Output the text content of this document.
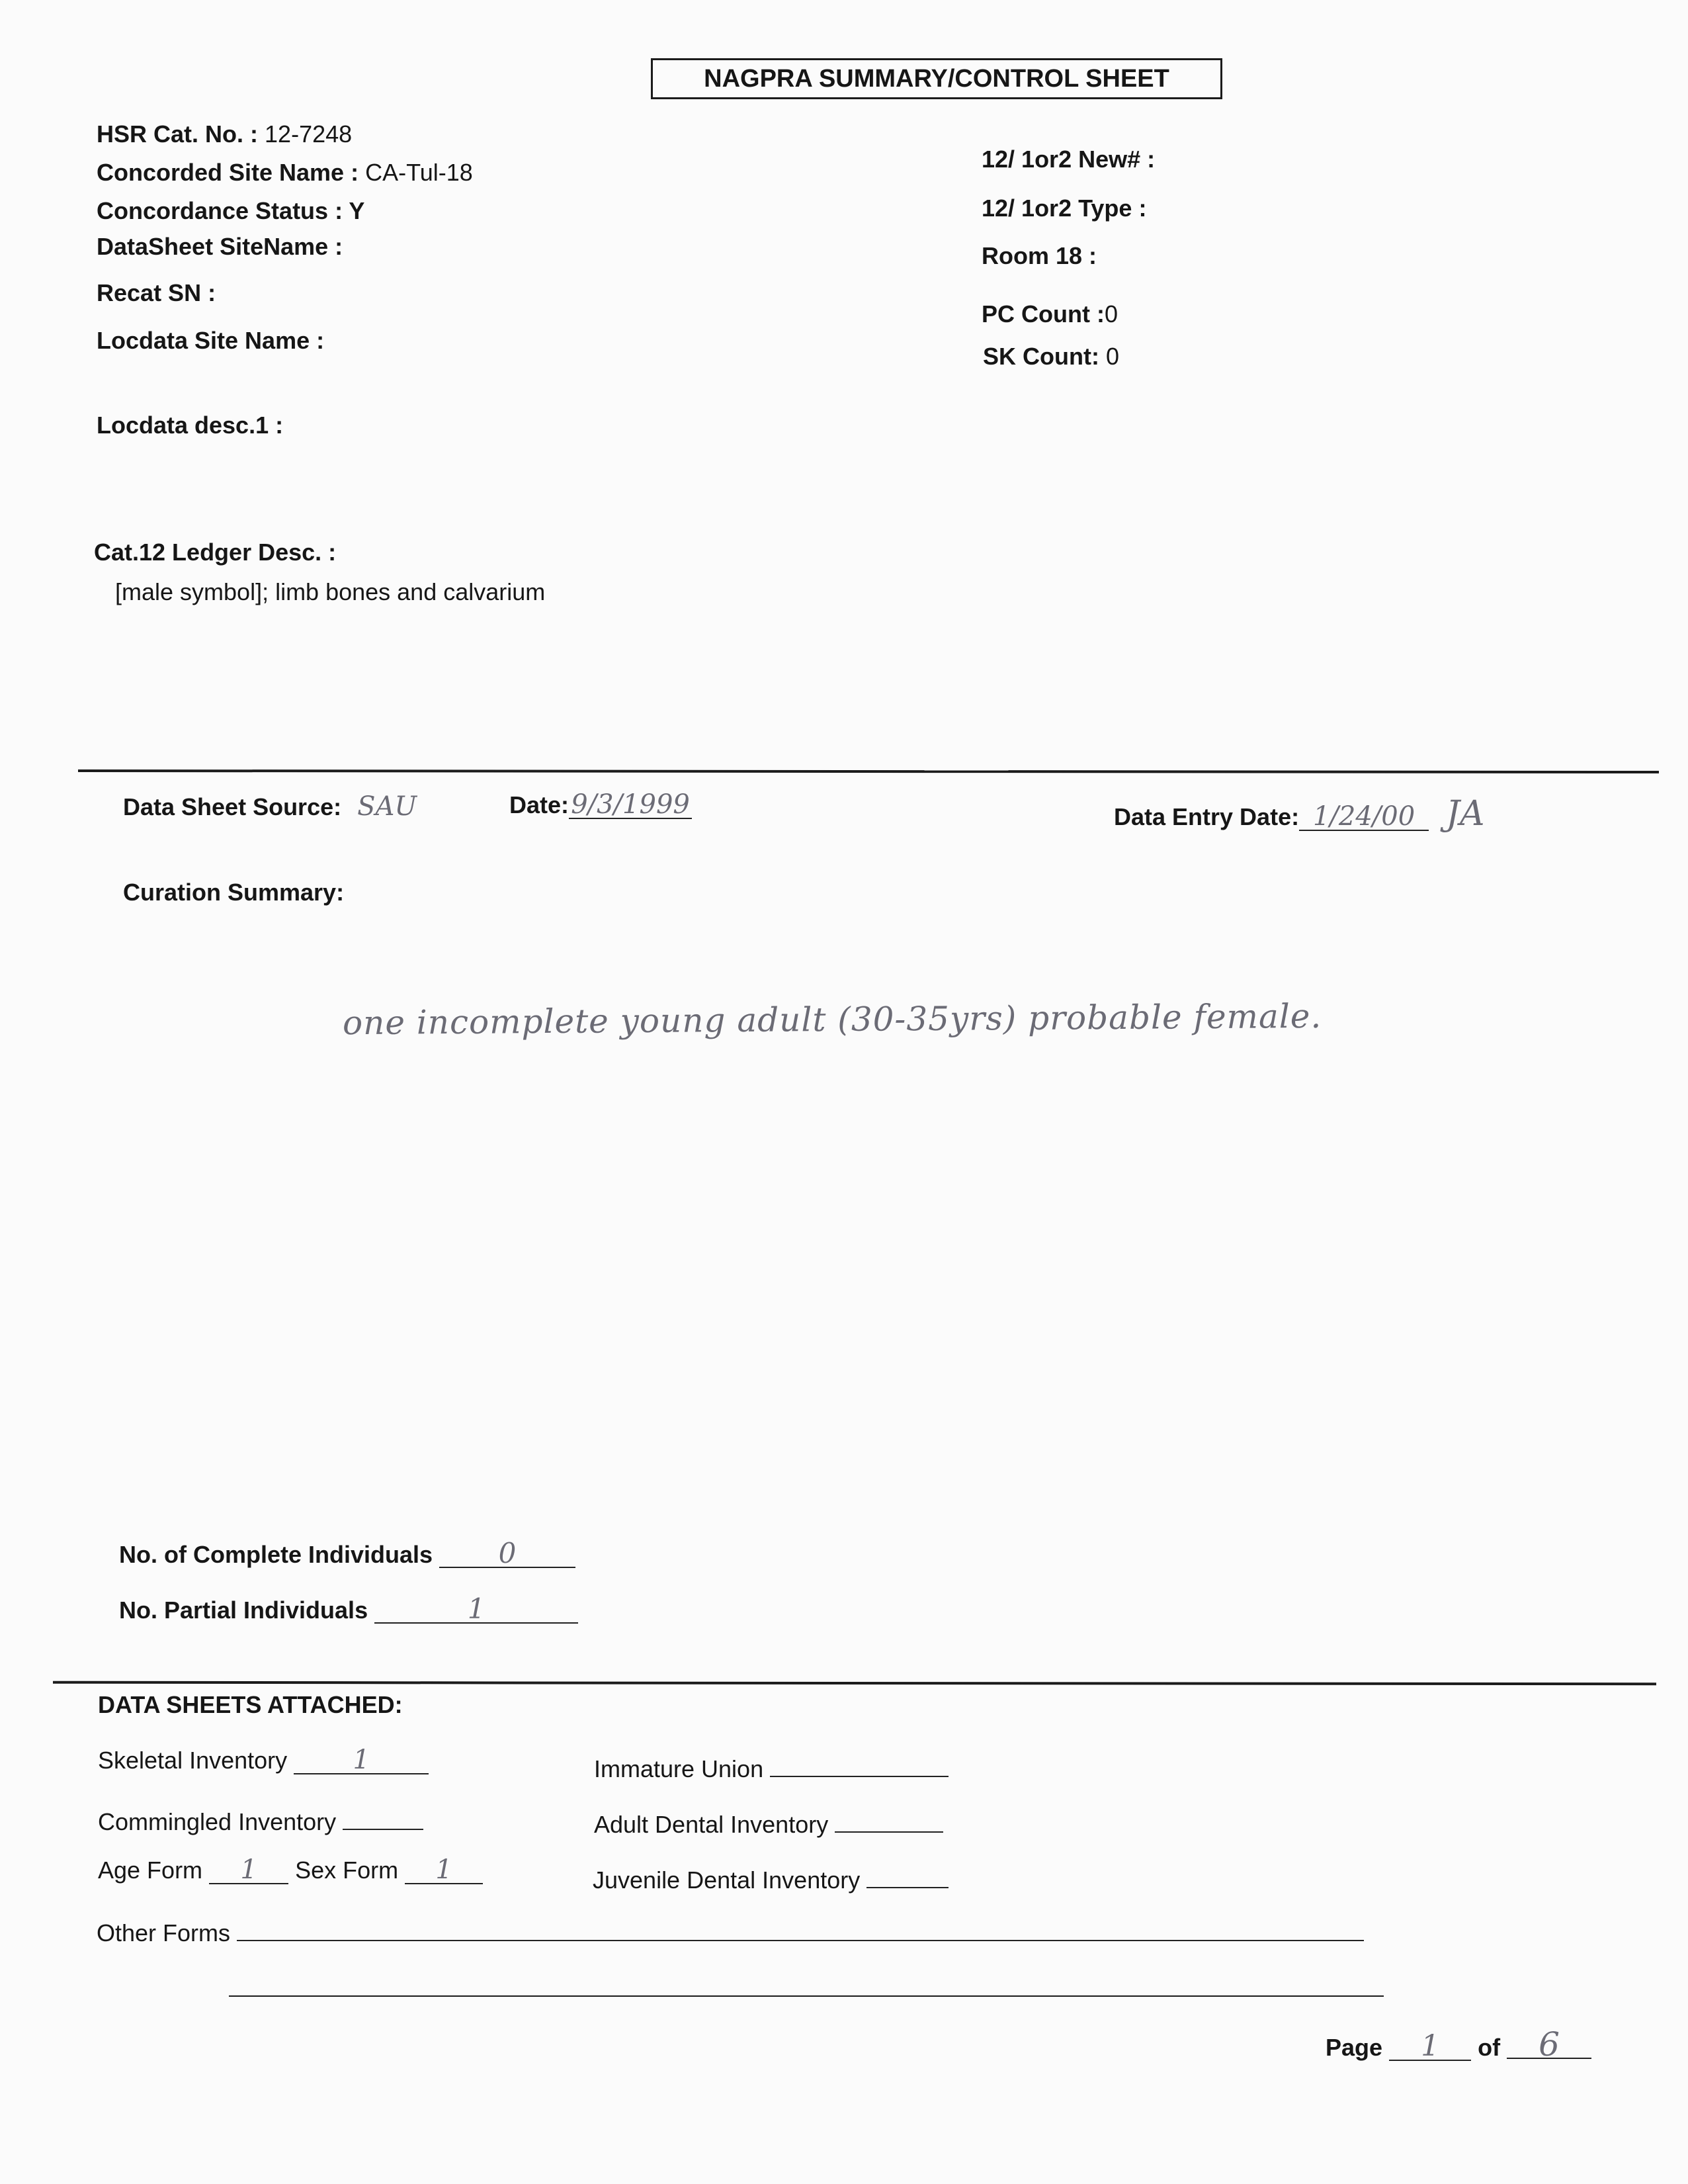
NAGPRA SUMMARY/CONTROL SHEET
HSR Cat. No. : 12-7248
Concorded Site Name : CA-Tul-18
Concordance Status : Y
DataSheet SiteName :
Recat SN :
Locdata Site Name :
Locdata desc.1 :
Cat.12 Ledger Desc. :
[male symbol]; limb bones and calvarium
12/ 1or2 New# :
12/ 1or2 Type :
Room 18 :
PC Count :0
SK Count: 0
Data Sheet Source: SAU	Date:9/3/1999	Data Entry Date: 1/24/00 JA
Curation Summary:
one incomplete young adult (30-35yrs) probable female.
No. of Complete Individuals 0
No. Partial Individuals	1
DATA SHEETS ATTACHED:
Skeletal Inventory 1
Commingled Inventory
Age Form 1 Sex Form 1
Immature Union
Adult Dental Inventory
Juvenile Dental Inventory
Other Forms
Page 1 of 6
